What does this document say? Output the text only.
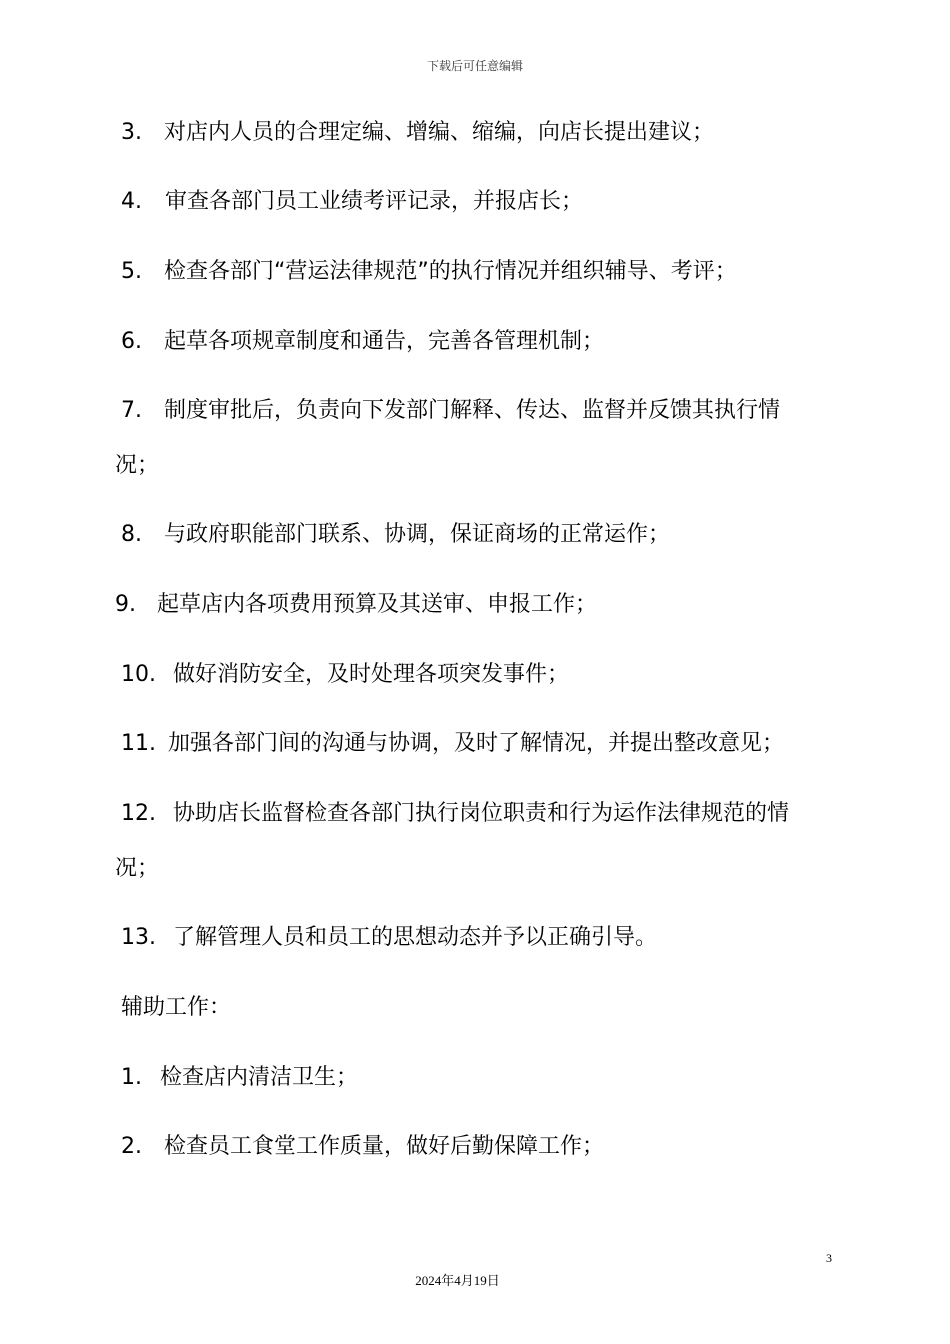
下载后可任意编辑
3. 对店内人员的合理定编、增编、缩编，向店长提出建议；
4. 审查各部门员工业绩考评记录，并报店长；
5. 检查各部门“营运法律规范”的执行情况并组织辅导、考评；
6. 起草各项规章制度和通告，完善各管理机制；
7. 制度审批后，负责向下发部门解释、传达、监督并反馈其执行情
况；
8. 与政府职能部门联系、协调，保证商场的正常运作；
9. 起草店内各项费用预算及其送审、申报工作；
10. 做好消防安全，及时处理各项突发事件；
11. 加强各部门间的沟通与协调，及时了解情况，并提出整改意见；
12. 协助店长监督检查各部门执行岗位职责和行为运作法律规范的情
况；
13. 了解管理人员和员工的思想动态并予以正确引导。
辅助工作：
1. 检查店内清洁卫生；
2. 检查员工食堂工作质量，做好后勤保障工作；
3
2024年4月19日
